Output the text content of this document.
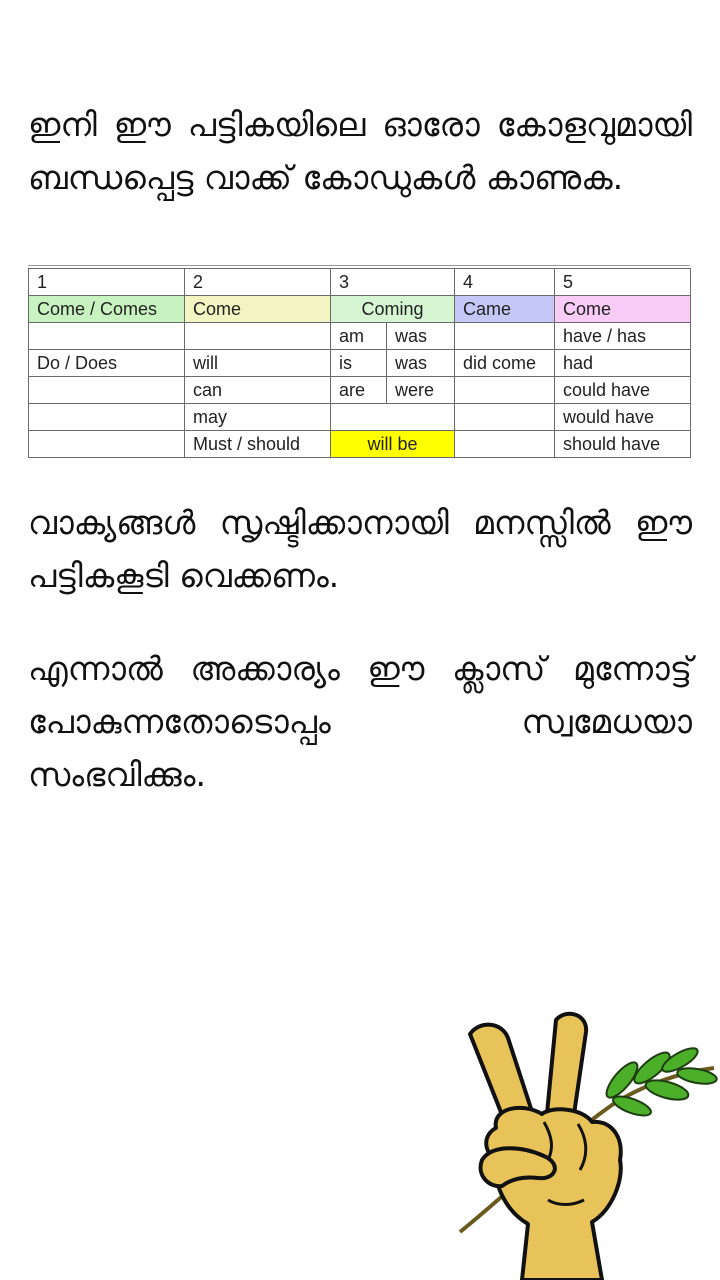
ഇനി ഈ പട്ടികയിലെ ഓരോ കോളവുമായി ബന്ധപ്പെട്ട വാക്ക് കോഡുകൾ കാണുക.

1	2	3		4	5
Come / Comes	Come	Coming		Came	Come
		am	was		have / has
Do / Does	will	is	was	did come	had
	can	are	were		could have
	may				would have
	Must / should	will be			should have

വാക്യങ്ങൾ സൃഷ്ടിക്കാനായി മനസ്സിൽ ഈ പട്ടികകൂടി വെക്കണം.

എന്നാൽ അക്കാര്യം ഈ ക്ലാസ് മുന്നോട്ട് പോകുന്നതോടൊപ്പം സ്വമേധയാ സംഭവിക്കും.
